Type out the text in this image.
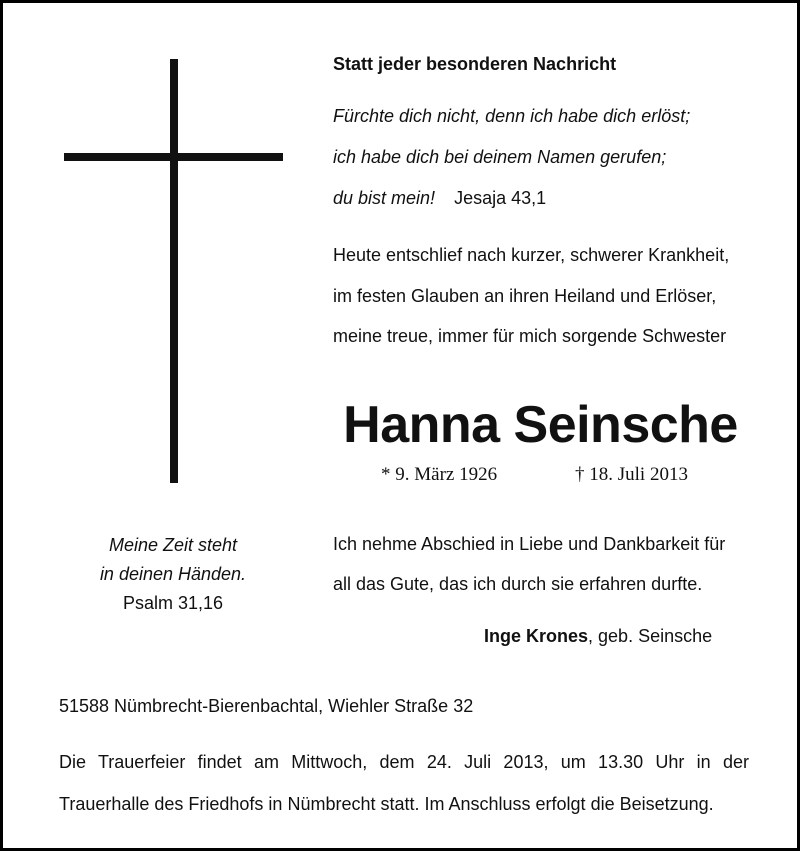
Statt jeder besonderen Nachricht
Fürchte dich nicht, denn ich habe dich erlöst;
ich habe dich bei deinem Namen gerufen;
du bist mein! Jesaja 43,1
Heute entschlief nach kurzer, schwerer Krankheit,
im festen Glauben an ihren Heiland und Erlöser,
meine treue, immer für mich sorgende Schwester
Hanna Seinsche
* 9. März 1926	† 18. Juli 2013
Meine Zeit steht
in deinen Händen.
Psalm 31,16
Ich nehme Abschied in Liebe und Dankbarkeit für
all das Gute, das ich durch sie erfahren durfte.
Inge Krones, geb. Seinsche
51588 Nümbrecht-Bierenbachtal, Wiehler Straße 32
Die Trauerfeier findet am Mittwoch, dem 24. Juli 2013, um 13.30 Uhr in der Trauerhalle des Friedhofs in Nümbrecht statt. Im Anschluss erfolgt die Beisetzung.
